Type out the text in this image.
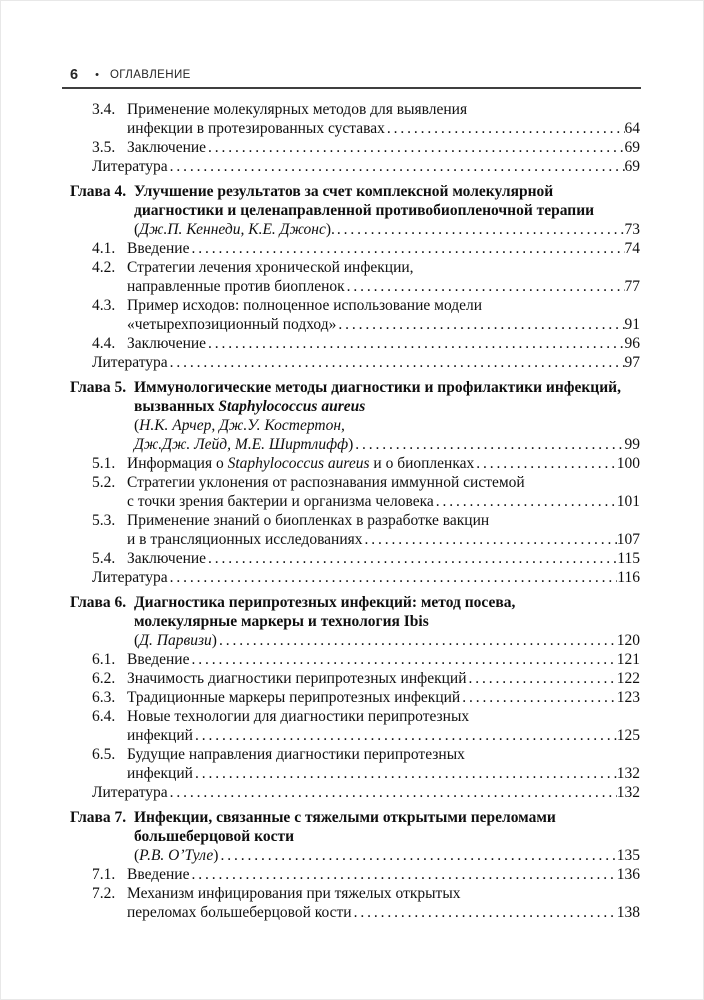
6 • ОГЛАВЛЕНИЕ
3.4. Применение молекулярных методов для выявления
инфекции в протезированных суставах . . .	64
3.5. Заключение . . .	69
Литература . . .	69
Глава 4. Улучшение результатов за счет комплексной молекулярной
диагностики и целенаправленной противобиопленочной терапии
(Дж.П. Кеннеди, К.Е. Джонс). . . .	73
4.1. Введение . . .	74
4.2. Стратегии лечения хронической инфекции,
направленные против биопленок . . .	77
4.3. Пример исходов: полноценное использование модели
«четырехпозиционный подход» . . .	91
4.4. Заключение . . .	96
Литература . . .	97
Глава 5. Иммунологические методы диагностики и профилактики инфекций,
вызванных Staphylococcus aureus
(Н.К. Арчер, Дж.У. Костертон,
Дж.Дж. Лейд, М.Е. Ширтлифф) . . .	99
5.1. Информация о Staphylococcus aureus и о биопленках . . .	100
5.2. Стратегии уклонения от распознавания иммунной системой
с точки зрения бактерии и организма человека . . .	101
5.3. Применение знаний о биопленках в разработке вакцин
и в трансляционных исследованиях . . .	107
5.4. Заключение . . .	115
Литература . . .	116
Глава 6. Диагностика перипротезных инфекций: метод посева,
молекулярные маркеры и технология Ibis
(Д. Парвизи) . . .	120
6.1. Введение . . .	121
6.2. Значимость диагностики перипротезных инфекций . . .	122
6.3. Традиционные маркеры перипротезных инфекций . . .	123
6.4. Новые технологии для диагностики перипротезных
инфекций . . .	125
6.5. Будущие направления диагностики перипротезных
инфекций . . .	132
Литература . . .	132
Глава 7. Инфекции, связанные с тяжелыми открытыми переломами
большеберцовой кости
(Р.В. О’Туле) . . .	135
7.1. Введение . . .	136
7.2. Механизм инфицирования при тяжелых открытых
переломах большеберцовой кости . . .	138
